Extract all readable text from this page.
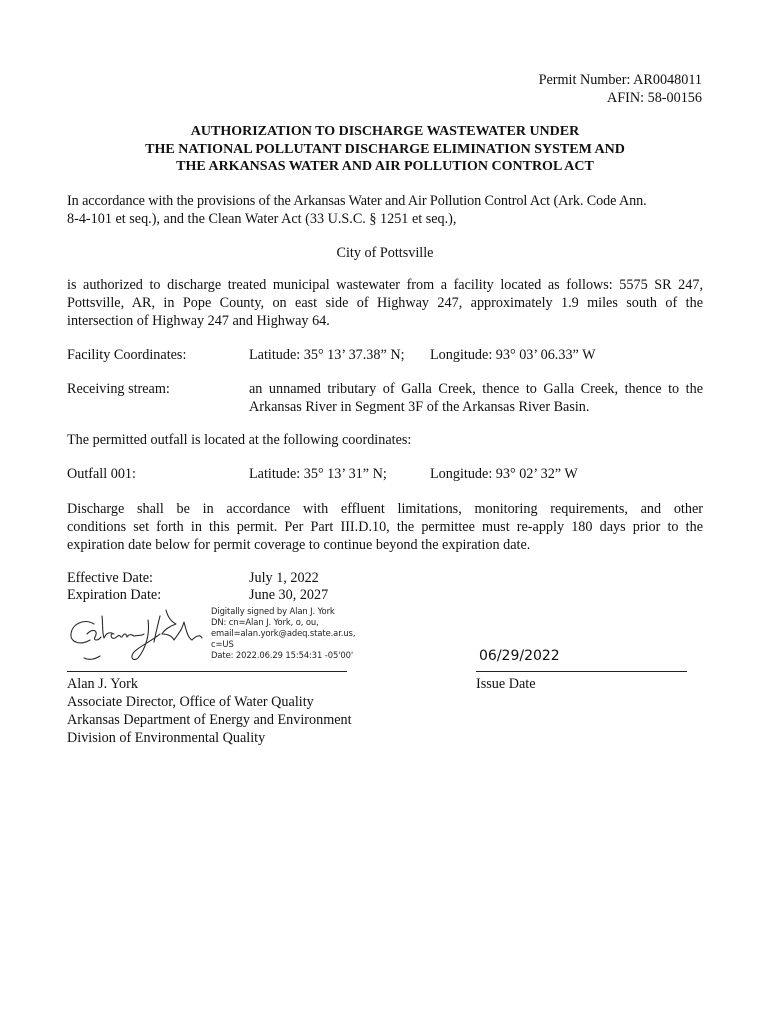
Permit Number: AR0048011
AFIN: 58-00156
AUTHORIZATION TO DISCHARGE WASTEWATER UNDER
THE NATIONAL POLLUTANT DISCHARGE ELIMINATION SYSTEM AND
THE ARKANSAS WATER AND AIR POLLUTION CONTROL ACT
In accordance with the provisions of the Arkansas Water and Air Pollution Control Act (Ark. Code Ann.
8-4-101 et seq.), and the Clean Water Act (33 U.S.C. § 1251 et seq.),
City of Pottsville
is authorized to discharge treated municipal wastewater from a facility located as follows: 5575 SR 247,
Pottsville, AR, in Pope County, on east side of Highway 247, approximately 1.9 miles south of the
intersection of Highway 247 and Highway 64.
Facility Coordinates:	Latitude: 35° 13’ 37.38” N; Longitude: 93° 03’ 06.33” W
Receiving stream:	an unnamed tributary of Galla Creek, thence to Galla Creek, thence to the
Arkansas River in Segment 3F of the Arkansas River Basin.
The permitted outfall is located at the following coordinates:
Outfall 001:	Latitude: 35° 13’ 31” N;	Longitude: 93° 02’ 32” W
Discharge shall be in accordance with effluent limitations, monitoring requirements, and other
conditions set forth in this permit. Per Part III.D.10, the permittee must re-apply 180 days prior to the
expiration date below for permit coverage to continue beyond the expiration date.
Effective Date:	July 1, 2022
Expiration Date:	June 30, 2027
Digitally signed by Alan J. York
DN: cn=Alan J. York, o, ou,
email=alan.york@adeq.state.ar.us,
c=US
Date: 2022.06.29 15:54:31 -05'00'	06/29/2022
Issue Date
Alan J. York
Associate Director, Office of Water Quality
Arkansas Department of Energy and Environment
Division of Environmental Quality
